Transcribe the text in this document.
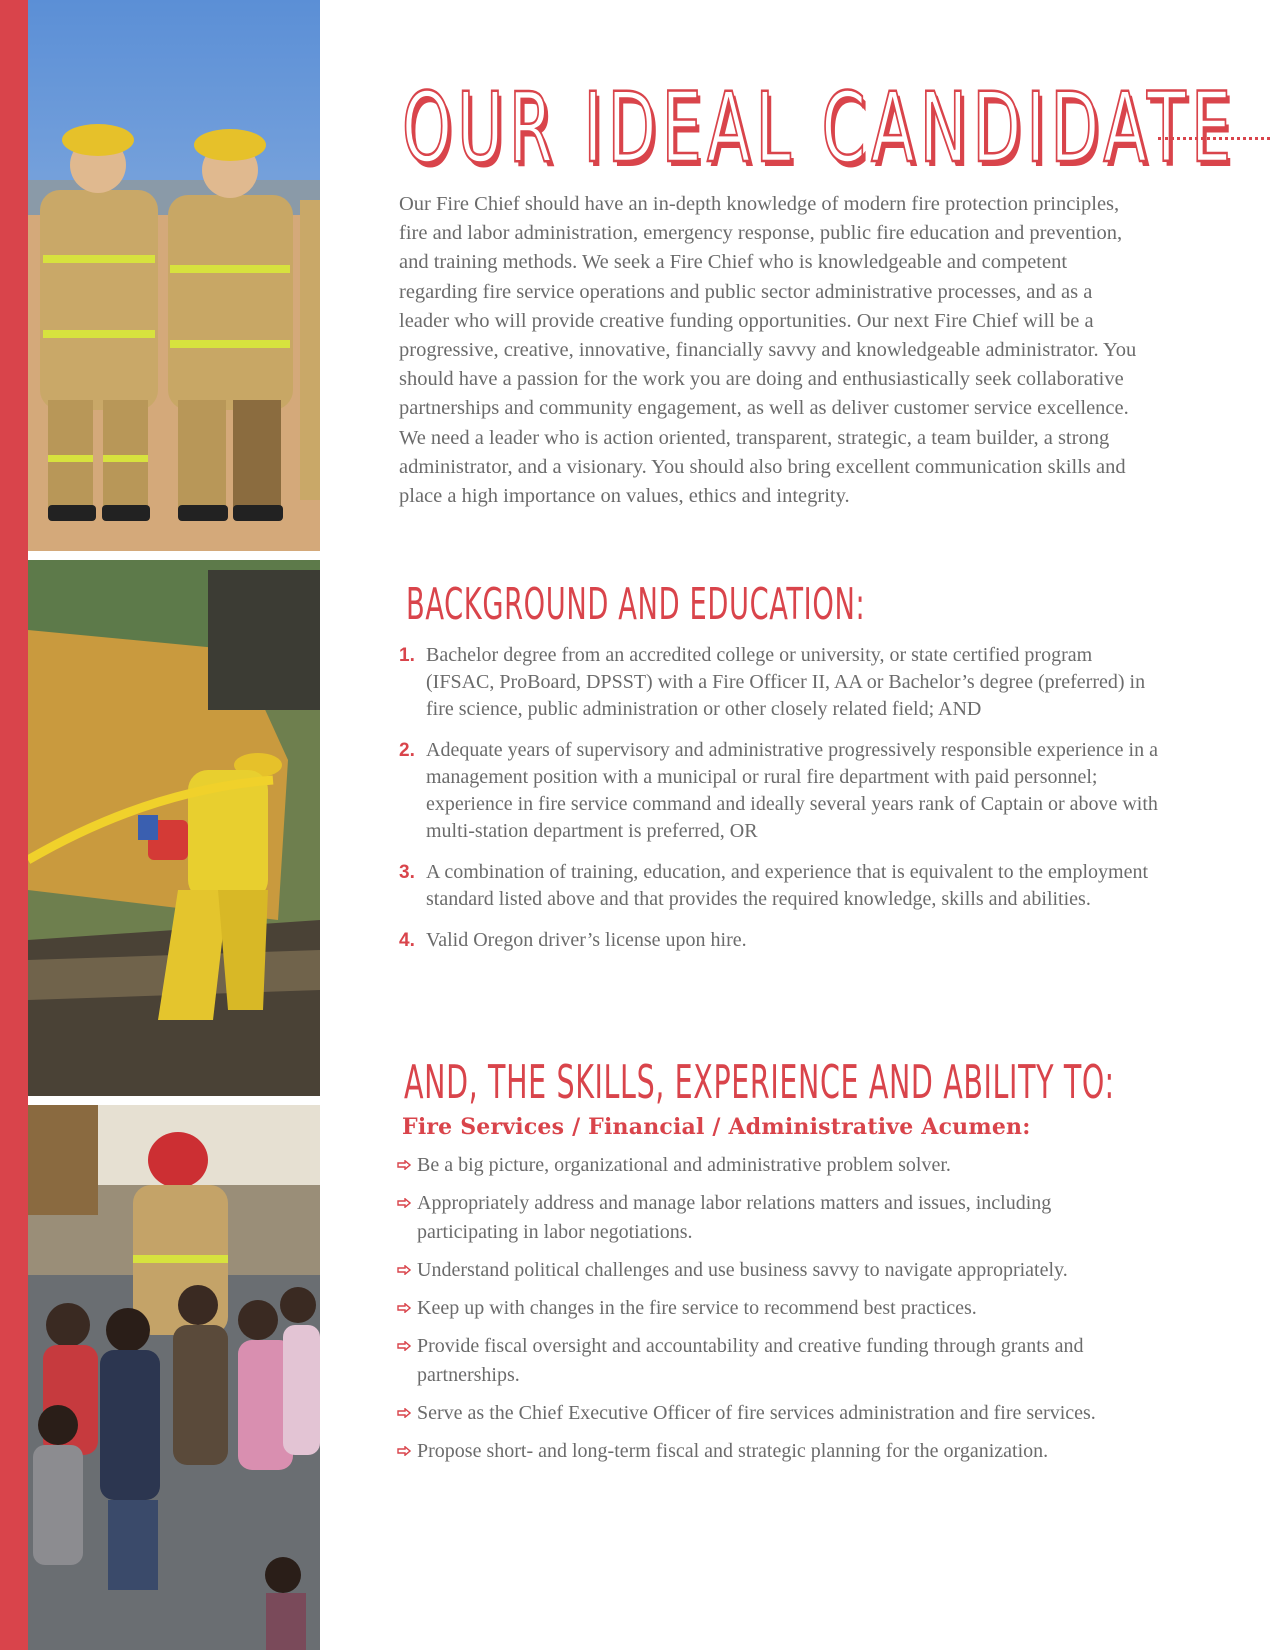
OUR IDEAL CANDIDATE

Our Fire Chief should have an in-depth knowledge of modern fire protection principles, fire and labor administration, emergency response, public fire education and prevention, and training methods. We seek a Fire Chief who is knowledgeable and competent regarding fire service operations and public sector administrative processes, and as a leader who will provide creative funding opportunities. Our next Fire Chief will be a progressive, creative, innovative, financially savvy and knowledgeable administrator. You should have a passion for the work you are doing and enthusiastically seek collaborative partnerships and community engagement, as well as deliver customer service excellence. We need a leader who is action oriented, transparent, strategic, a team builder, a strong administrator, and a visionary. You should also bring excellent communication skills and place a high importance on values, ethics and integrity.

BACKGROUND AND EDUCATION:
1. Bachelor degree from an accredited college or university, or state certified program (IFSAC, ProBoard, DPSST) with a Fire Officer II, AA or Bachelor’s degree (preferred) in fire science, public administration or other closely related field; AND
2. Adequate years of supervisory and administrative progressively responsible experience in a management position with a municipal or rural fire department with paid personnel; experience in fire service command and ideally several years rank of Captain or above with multi-station department is preferred, OR
3. A combination of training, education, and experience that is equivalent to the employment standard listed above and that provides the required knowledge, skills and abilities.
4. Valid Oregon driver’s license upon hire.
AND, THE SKILLS, EXPERIENCE AND ABILITY TO:
Fire Services / Financial / Administrative Acumen:
Be a big picture, organizational and administrative problem solver.
Appropriately address and manage labor relations matters and issues, including participating in labor negotiations.
Understand political challenges and use business savvy to navigate appropriately.
Keep up with changes in the fire service to recommend best practices.
Provide fiscal oversight and accountability and creative funding through grants and partnerships.
Serve as the Chief Executive Officer of fire services administration and fire services.
Propose short- and long-term fiscal and strategic planning for the organization.
